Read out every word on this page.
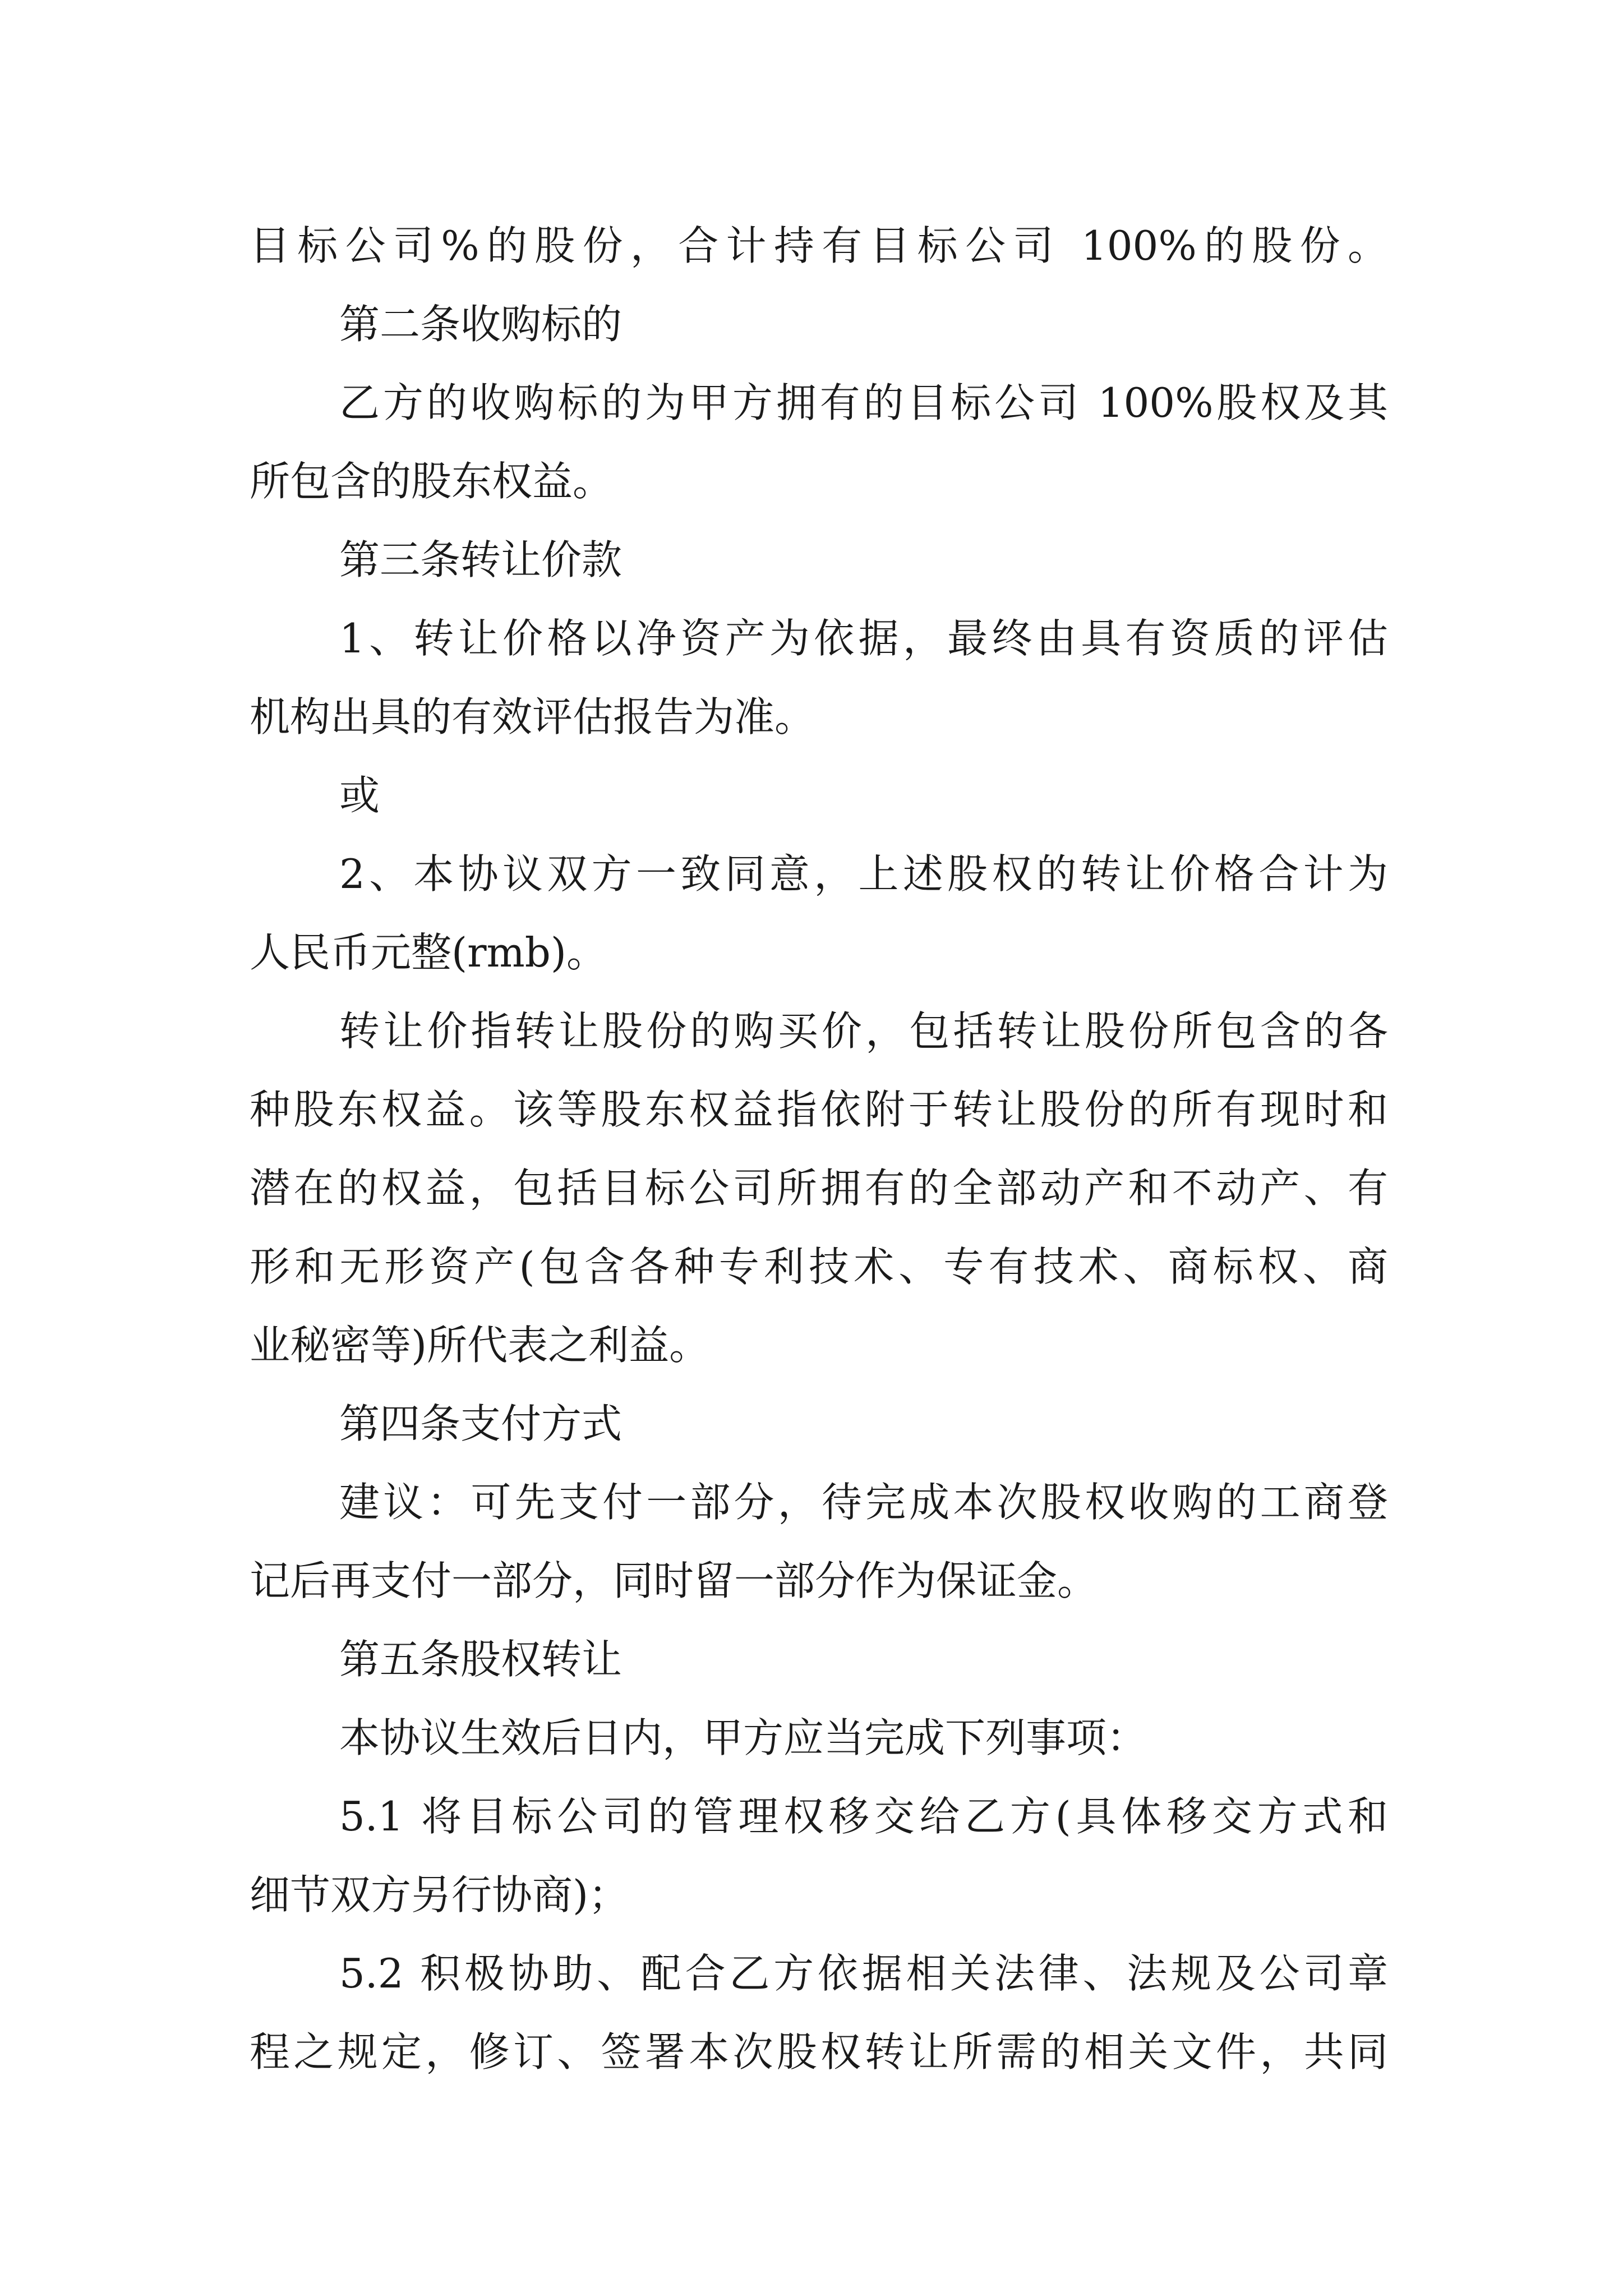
目标公司%的股份，合计持有目标公司 100%的股份。
第二条收购标的
乙方的收购标的为甲方拥有的目标公司 100%股权及其
所包含的股东权益。
第三条转让价款
1、转让价格以净资产为依据，最终由具有资质的评估
机构出具的有效评估报告为准。
或
2、本协议双方一致同意，上述股权的转让价格合计为
人民币元整(rmb)。
转让价指转让股份的购买价，包括转让股份所包含的各
种股东权益。该等股东权益指依附于转让股份的所有现时和
潜在的权益，包括目标公司所拥有的全部动产和不动产、有
形和无形资产(包含各种专利技术、专有技术、商标权、商
业秘密等)所代表之利益。
第四条支付方式
建议：可先支付一部分，待完成本次股权收购的工商登
记后再支付一部分，同时留一部分作为保证金。
第五条股权转让
本协议生效后日内，甲方应当完成下列事项：
5.1 将目标公司的管理权移交给乙方(具体移交方式和
细节双方另行协商)；
5.2 积极协助、配合乙方依据相关法律、法规及公司章
程之规定，修订、签署本次股权转让所需的相关文件，共同
